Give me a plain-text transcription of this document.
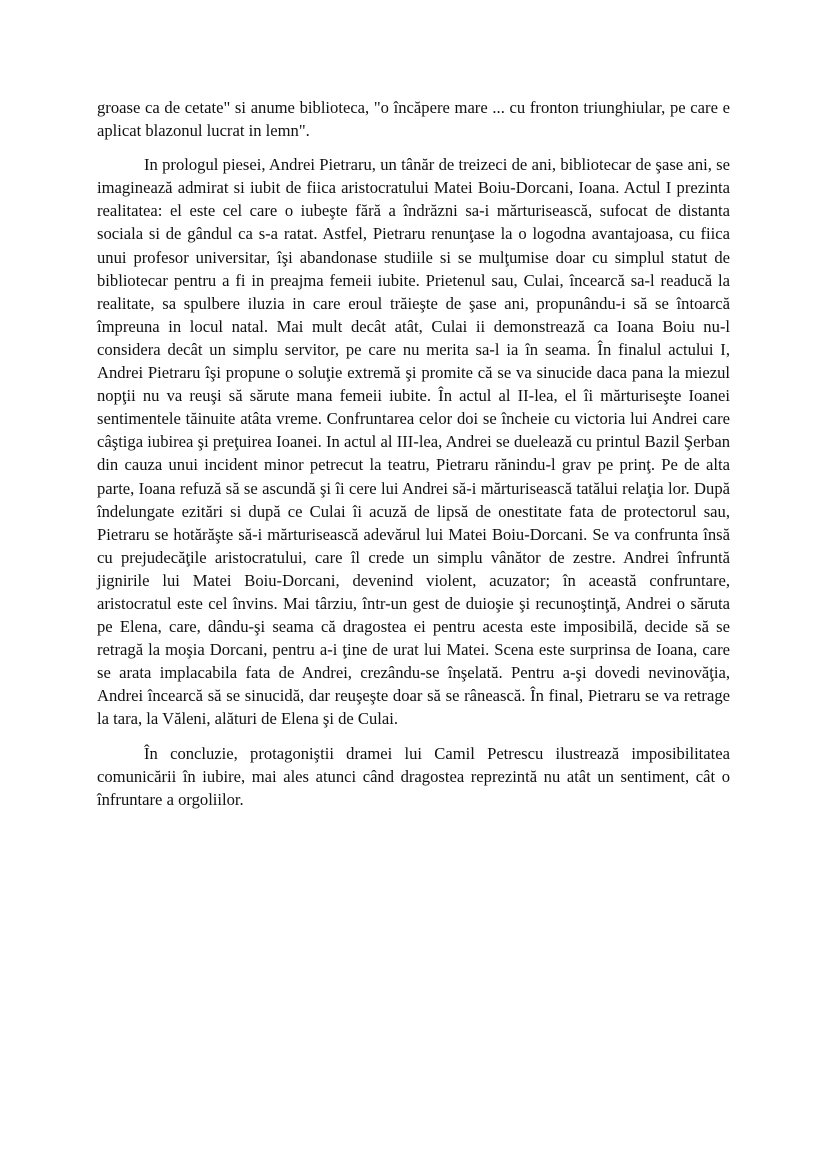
groase ca de cetate" si anume biblioteca, "o încăpere mare ... cu fronton triunghiular, pe care e aplicat blazonul lucrat in lemn".

In prologul piesei, Andrei Pietraru, un tânăr de treizeci de ani, bibliotecar de şase ani, se imaginează admirat si iubit de fiica aristocratului Matei Boiu-Dorcani, Ioana. Actul I prezinta realitatea: el este cel care o iubeşte fără a îndrăzni sa-i mărturisească, sufocat de distanta sociala si de gândul ca s-a ratat. Astfel, Pietraru renunţase la o logodna avantajoasa, cu fiica unui profesor universitar, îşi abandonase studiile si se mulţumise doar cu simplul statut de bibliotecar pentru a fi in preajma femeii iubite. Prietenul sau, Culai, încearcă sa-l readucă la realitate, sa spulbere iluzia in care eroul trăieşte de şase ani, propunându-i să se întoarcă împreuna in locul natal. Mai mult decât atât, Culai ii demonstrează ca Ioana Boiu nu-l considera decât un simplu servitor, pe care nu merita sa-l ia în seama. În finalul actului I, Andrei Pietraru îşi propune o soluţie extremă şi promite că se va sinucide daca pana la miezul nopţii nu va reuşi să sărute mana femeii iubite. În actul al II-lea, el îi mărturiseşte Ioanei sentimentele tăinuite atâta vreme. Confruntarea celor doi se încheie cu victoria lui Andrei care câştiga iubirea şi preţuirea Ioanei. In actul al III-lea, Andrei se duelează cu printul Bazil Şerban din cauza unui incident minor petrecut la teatru, Pietraru rănindu-l grav pe prinţ. Pe de alta parte, Ioana refuză să se ascundă şi îi cere lui Andrei să-i mărturisească tatălui relaţia lor. După îndelungate ezitări si după ce Culai îi acuză de lipsă de onestitate fata de protectorul sau, Pietraru se hotărăşte să-i mărturisească adevărul lui Matei Boiu-Dorcani. Se va confrunta însă cu prejudecăţile aristocratului, care îl crede un simplu vânător de zestre. Andrei înfruntă jignirile lui Matei Boiu-Dorcani, devenind violent, acuzator; în această confruntare, aristocratul este cel învins. Mai târziu, într-un gest de duioşie şi recunoştinţă, Andrei o săruta pe Elena, care, dându-şi seama că dragostea ei pentru acesta este imposibilă, decide să se retragă la moşia Dorcani, pentru a-i ţine de urat lui Matei. Scena este surprinsa de Ioana, care se arata implacabila fata de Andrei, crezându-se înşelată. Pentru a-şi dovedi nevinovăţia, Andrei încearcă să se sinucidă, dar reuşeşte doar să se rânească. În final, Pietraru se va retrage la tara, la Văleni, alături de Elena şi de Culai.

În concluzie, protagoniştii dramei lui Camil Petrescu ilustrează imposibilitatea comunicării în iubire, mai ales atunci când dragostea reprezintă nu atât un sentiment, cât o înfruntare a orgoliilor.
